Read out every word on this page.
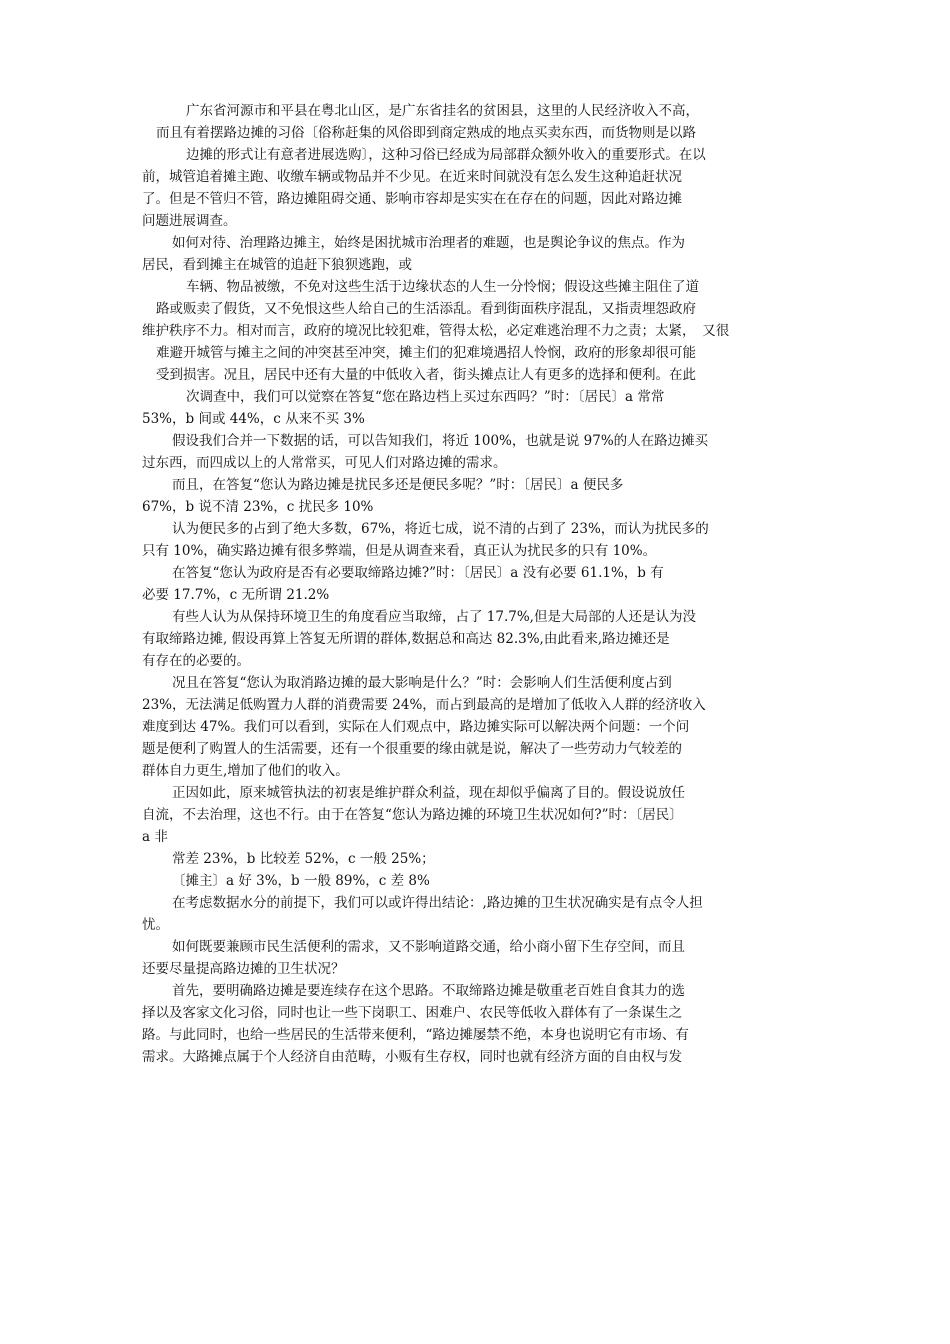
广东省河源市和平县在粤北山区，是广东省挂名的贫困县，这里的人民经济收入不高，
而且有着摆路边摊的习俗〔俗称赶集的风俗即到商定熟成的地点买卖东西，而货物则是以路
边摊的形式让有意者进展选购〕，这种习俗已经成为局部群众额外收入的重要形式。在以
前，城管追着摊主跑、收缴车辆或物品并不少见。在近来时间就没有怎么发生这种追赶状况
了。但是不管归不管，路边摊阻碍交通、影响市容却是实实在在存在的问题，因此对路边摊
问题进展调查。
如何对待、治理路边摊主，始终是困扰城市治理者的难题，也是舆论争议的焦点。作为
居民，看到摊主在城管的追赶下狼狈逃跑，或
车辆、物品被缴，不免对这些生活于边缘状态的人生一分怜悯；假设这些摊主阻住了道
路或贩卖了假货，又不免恨这些人给自己的生活添乱。看到街面秩序混乱，又指责埋怨政府
维护秩序不力。相对而言，政府的境况比较犯难，管得太松，必定难逃治理不力之责；太紧，　又很
难避开城管与摊主之间的冲突甚至冲突，摊主们的犯难境遇招人怜悯，政府的形象却很可能
受到损害。况且，居民中还有大量的中低收入者，街头摊点让人有更多的选择和便利。在此
次调查中，我们可以觉察在答复“您在路边档上买过东西吗？”时：〔居民〕a 常常
53%，b 间或 44%，c 从来不买 3%
假设我们合并一下数据的话，可以告知我们，将近 100%，也就是说 97%的人在路边摊买
过东西，而四成以上的人常常买，可见人们对路边摊的需求。
而且，在答复“您认为路边摊是扰民多还是便民多呢？”时：〔居民〕a 便民多
67%，b 说不清 23%，c 扰民多 10%
认为便民多的占到了绝大多数，67%，将近七成，说不清的占到了 23%，而认为扰民多的
只有 10%，确实路边摊有很多弊端，但是从调查来看，真正认为扰民多的只有 10%。
在答复“您认为政府是否有必要取缔路边摊?”时：〔居民〕a 没有必要 61.1%，b 有
必要 17.7%，c 无所谓 21.2%
有些人认为从保持环境卫生的角度看应当取缔，占了 17.7%,但是大局部的人还是认为没
有取缔路边摊, 假设再算上答复无所谓的群体,数据总和高达 82.3%,由此看来,路边摊还是
有存在的必要的。
况且在答复“您认为取消路边摊的最大影响是什么？”时：会影响人们生活便利度占到
23%，无法满足低购置力人群的消费需要 24%，而占到最高的是增加了低收入人群的经济收入
难度到达 47%。我们可以看到，实际在人们观点中，路边摊实际可以解决两个问题：一个问
题是便利了购置人的生活需要，还有一个很重要的缘由就是说，解决了一些劳动力气较差的
群体自力更生,增加了他们的收入。
正因如此，原来城管执法的初衷是维护群众利益，现在却似乎偏离了目的。假设说放任
自流，不去治理，这也不行。由于在答复“您认为路边摊的环境卫生状况如何?”时：〔居民〕
a 非
常差 23%，b 比较差 52%，c 一般 25%；
〔摊主〕a 好 3%，b 一般 89%，c 差 8%
在考虑数据水分的前提下，我们可以或许得出结论：,路边摊的卫生状况确实是有点令人担
忧。
如何既要兼顾市民生活便利的需求，又不影响道路交通，给小商小留下生存空间，而且
还要尽量提高路边摊的卫生状况？
首先，要明确路边摊是要连续存在这个思路。不取缔路边摊是敬重老百姓自食其力的选
择以及客家文化习俗，同时也让一些下岗职工、困难户、农民等低收入群体有了一条谋生之
路。与此同时，也给一些居民的生活带来便利，“路边摊屡禁不绝，本身也说明它有市场、有
需求。大路摊点属于个人经济自由范畴，小贩有生存权，同时也就有经济方面的自由权与发
